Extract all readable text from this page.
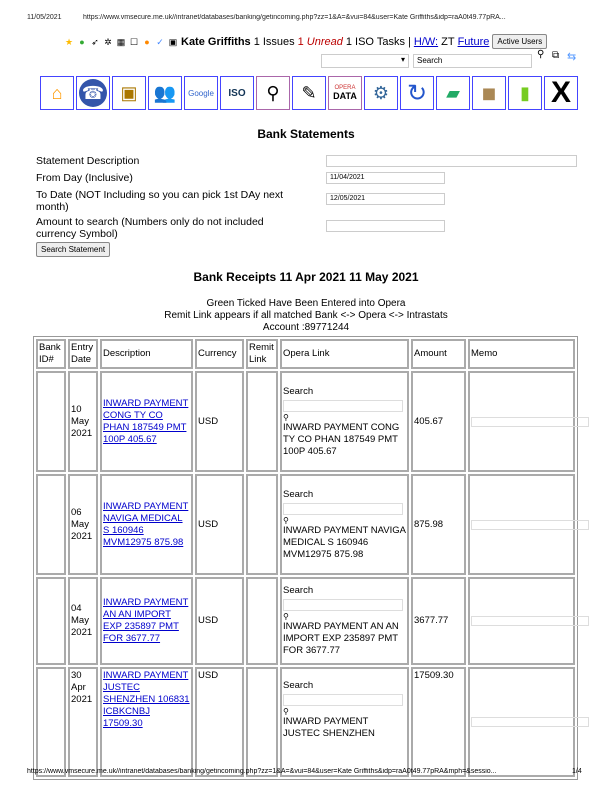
11/05/2021	https://www.vmsecure.me.uk//intranet/databases/banking/getincoming.php?zz=1&A=&vui=84&user=Kate Griffiths&idp=raA0t49.77pRA...
★ ● ➶ ✲ ▦ ☐ ● ✓ ▣ Kate Griffiths 1 Issues 1 Unread 1 ISO Tasks | H/W: ZT Future	Active Users
▾	Search
⚲ ⧉ ⇆
⌂	☎ ▣ 👥	Google	ISO	⚲	✎	OPERA
DATA ⚙ ↻	▰	◼	▮ X
Bank Statements
Statement Description
From Day (Inclusive)	11/04/2021
To Date (NOT Including so you can pick 1st DAy next month)
12/05/2021
Amount to search (Numbers only do not included currency Symbol)
Search Statement
Bank Receipts 11 Apr 2021 11 May 2021
Green Ticked Have Been Entered into Opera
Remit Link appears if all matched Bank <-> Opera <-> Intrastats
Account :89771244
Bank ID#	Entry Date	Description	Currency	Remit Link	Opera Link	Amount	Memo
	10 May 2021	INWARD PAYMENT CONG TY CO PHAN 187549 PMT 100P 405.67	USD		Search
⚲
INWARD PAYMENT CONG TY CO PHAN 187549 PMT 100P 405.67	405.67	

	06 May 2021	INWARD PAYMENT NAVIGA MEDICAL S 160946 MVM12975 875.98	USD		Search
⚲
INWARD PAYMENT NAVIGA MEDICAL S 160946 MVM12975 875.98	875.98	

	04 May 2021	INWARD PAYMENT AN AN IMPORT EXP 235897 PMT FOR 3677.77	USD		Search
⚲
INWARD PAYMENT AN AN IMPORT EXP 235897 PMT FOR 3677.77	3677.77	

	30 Apr 2021	INWARD PAYMENT JUSTEC SHENZHEN 106831 ICBKCNBJ 17509.30	USD		Search
⚲
INWARD PAYMENT JUSTEC SHENZHEN	17509.30	
https://www.vmsecure.me.uk//intranet/databases/banking/getincoming.php?zz=1&A=&vui=84&user=Kate Griffiths&idp=raA0t49.77pRA&mph=&sessio...	1/4
